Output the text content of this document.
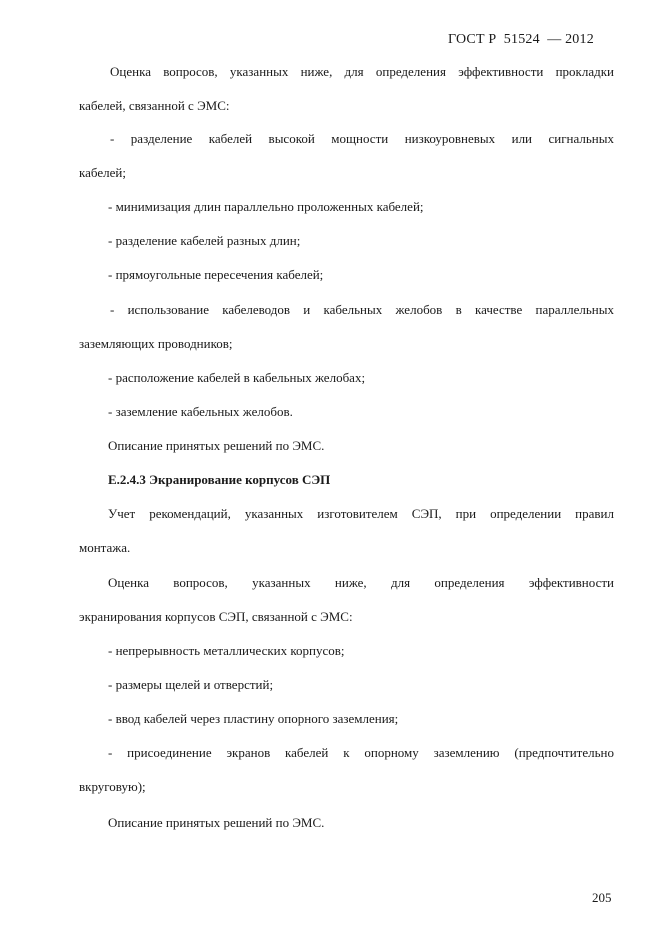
ГОСТ Р  51524  — 2012
Оценка вопросов, указанных ниже, для определения эффективности прокладки
кабелей, связанной с ЭМС:
- разделение кабелей высокой мощности низкоуровневых или сигнальных
кабелей;
- минимизация длин параллельно проложенных кабелей;
- разделение кабелей разных длин;
- прямоугольные пересечения кабелей;
- использование кабелеводов и кабельных желобов в качестве параллельных
заземляющих проводников;
- расположение кабелей в кабельных желобах;
- заземление кабельных желобов.
Описание принятых решений по ЭМС.
Е.2.4.3 Экранирование корпусов СЭП
Учет рекомендаций, указанных изготовителем СЭП, при определении правил
монтажа.
Оценка вопросов, указанных ниже, для определения эффективности
экранирования корпусов СЭП, связанной с ЭМС:
- непрерывность металлических корпусов;
- размеры щелей и отверстий;
- ввод кабелей через пластину опорного заземления;
- присоединение экранов кабелей к опорному заземлению (предпочтительно
вкруговую);
Описание принятых решений по ЭМС.
205
